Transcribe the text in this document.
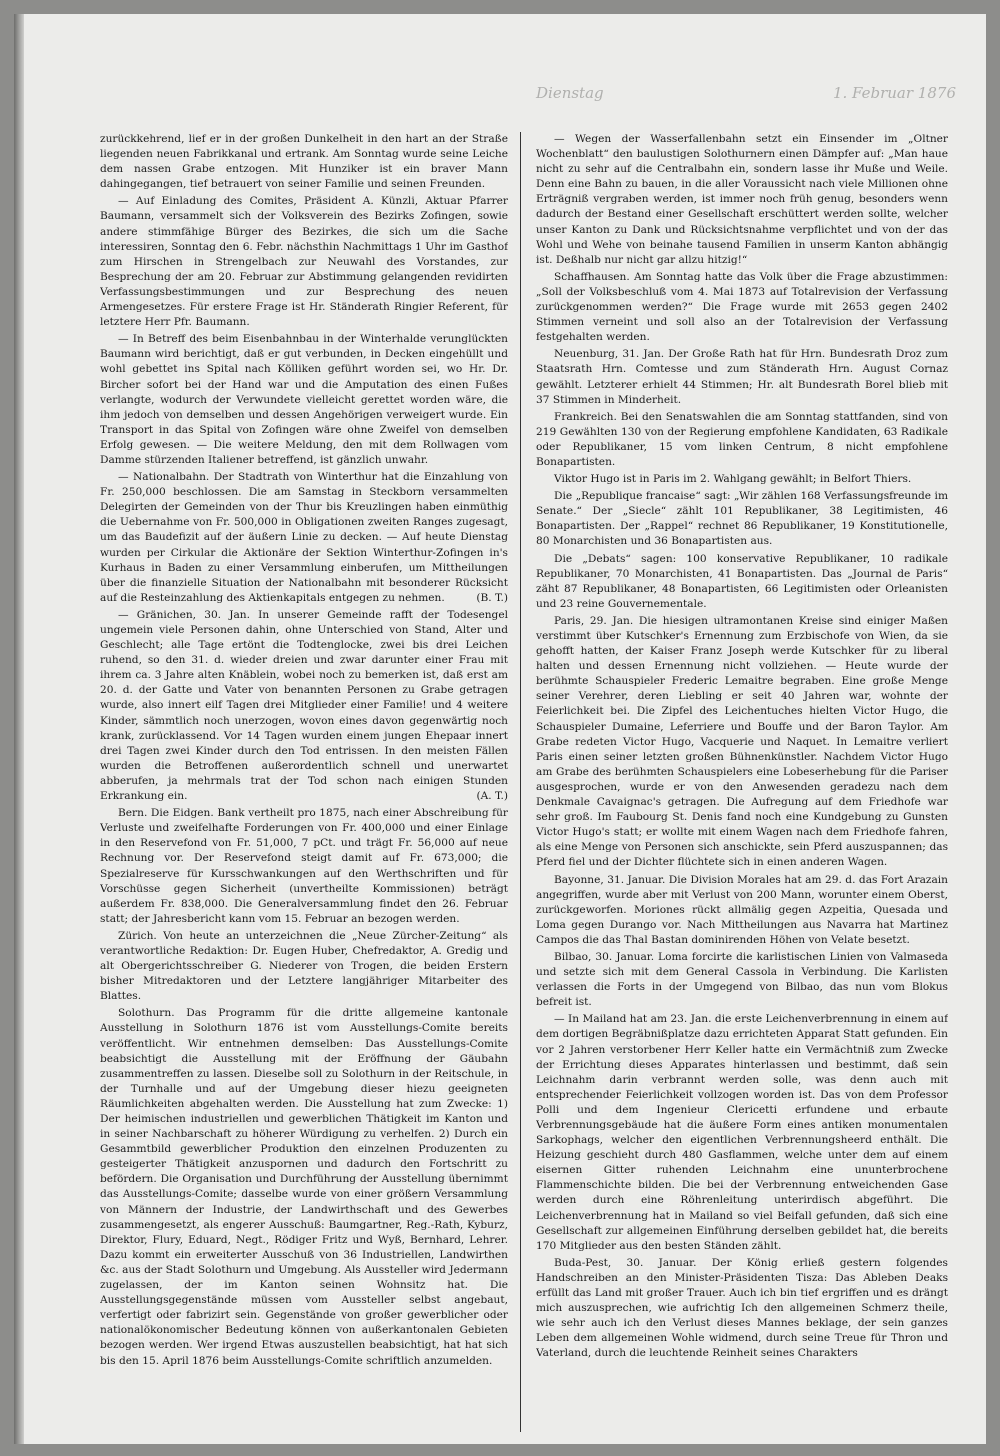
Dienstag	1. Februar 1876

zurückkehrend, lief er in der großen Dunkelheit in den hart an der Straße liegenden neuen Fabrikkanal und ertrank. Am Sonntag wurde seine Leiche dem nassen Grabe entzogen. Mit Hunziker ist ein braver Mann dahingegangen, tief betrauert von seiner Familie und seinen Freunden.

— Auf Einladung des Comites, Präsident A. Künzli, Aktuar Pfarrer Baumann, versammelt sich der Volksverein des Bezirks Zofingen, sowie andere stimmfähige Bürger des Bezirkes, die sich um die Sache interessiren, Sonntag den 6. Febr. nächsthin Nachmittags 1 Uhr im Gasthof zum Hirschen in Strengelbach zur Neuwahl des Vorstandes, zur Besprechung der am 20. Februar zur Abstimmung gelangenden revidirten Verfassungsbestimmungen und zur Besprechung des neuen Armengesetzes. Für erstere Frage ist Hr. Ständerath Ringier Referent, für letztere Herr Pfr. Baumann.

— In Betreff des beim Eisenbahnbau in der Winterhalde verunglückten Baumann wird berichtigt, daß er gut verbunden, in Decken eingehüllt und wohl gebettet ins Spital nach Kölliken geführt worden sei, wo Hr. Dr. Bircher sofort bei der Hand war und die Amputation des einen Fußes verlangte, wodurch der Verwundete vielleicht gerettet worden wäre, die ihm jedoch von demselben und dessen Angehörigen verweigert wurde. Ein Transport in das Spital von Zofingen wäre ohne Zweifel von demselben Erfolg gewesen. — Die weitere Meldung, den mit dem Rollwagen vom Damme stürzenden Italiener betreffend, ist gänzlich unwahr.

— Nationalbahn. Der Stadtrath von Winterthur hat die Einzahlung von Fr. 250,000 beschlossen. Die am Samstag in Steckborn versammelten Delegirten der Gemeinden von der Thur bis Kreuzlingen haben einmüthig die Uebernahme von Fr. 500,000 in Obligationen zweiten Ranges zugesagt, um das Baudefizit auf der äußern Linie zu decken. — Auf heute Dienstag wurden per Cirkular die Aktionäre der Sektion Winterthur-Zofingen in's Kurhaus in Baden zu einer Versammlung einberufen, um Mittheilungen über die finanzielle Situation der Nationalbahn mit besonderer Rücksicht auf die Resteinzahlung des Aktienkapitals entgegen zu nehmen.	(B. T.)

— Gränichen, 30. Jan. In unserer Gemeinde rafft der Todesengel ungemein viele Personen dahin, ohne Unterschied von Stand, Alter und Geschlecht; alle Tage ertönt die Todtenglocke, zwei bis drei Leichen ruhend, so den 31. d. wieder dreien und zwar darunter einer Frau mit ihrem ca. 3 Jahre alten Knäblein, wobei noch zu bemerken ist, daß erst am 20. d. der Gatte und Vater von benannten Personen zu Grabe getragen wurde, also innert eilf Tagen drei Mitglieder einer Familie! und 4 weitere Kinder, sämmtlich noch unerzogen, wovon eines davon gegenwärtig noch krank, zurücklassend. Vor 14 Tagen wurden einem jungen Ehepaar innert drei Tagen zwei Kinder durch den Tod entrissen. In den meisten Fällen wurden die Betroffenen außerordentlich schnell und unerwartet abberufen, ja mehrmals trat der Tod schon nach einigen Stunden Erkrankung ein.	(A. T.)

Bern. Die Eidgen. Bank vertheilt pro 1875, nach einer Abschreibung für Verluste und zweifelhafte Forderungen von Fr. 400,000 und einer Einlage in den Reservefond von Fr. 51,000, 7 pCt. und trägt Fr. 56,000 auf neue Rechnung vor. Der Reservefond steigt damit auf Fr. 673,000; die Spezialreserve für Kursschwankungen auf den Werthschriften und für Vorschüsse gegen Sicherheit (unvertheilte Kommissionen) beträgt außerdem Fr. 838,000. Die Generalversammlung findet den 26. Februar statt; der Jahresbericht kann vom 15. Februar an bezogen werden.

Zürich. Von heute an unterzeichnen die „Neue Zürcher-Zeitung“ als verantwortliche Redaktion: Dr. Eugen Huber, Chefredaktor, A. Gredig und alt Obergerichtsschreiber G. Niederer von Trogen, die beiden Erstern bisher Mitredaktoren und der Letztere langjähriger Mitarbeiter des Blattes.

Solothurn. Das Programm für die dritte allgemeine kantonale Ausstellung in Solothurn 1876 ist vom Ausstellungs-Comite bereits veröffentlicht. Wir entnehmen demselben: Das Ausstellungs-Comite beabsichtigt die Ausstellung mit der Eröffnung der Gäubahn zusammentreffen zu lassen. Dieselbe soll zu Solothurn in der Reitschule, in der Turnhalle und auf der Umgebung dieser hiezu geeigneten Räumlichkeiten abgehalten werden. Die Ausstellung hat zum Zwecke: 1) Der heimischen industriellen und gewerblichen Thätigkeit im Kanton und in seiner Nachbarschaft zu höherer Würdigung zu verhelfen. 2) Durch ein Gesammtbild gewerblicher Produktion den einzelnen Produzenten zu gesteigerter Thätigkeit anzuspornen und dadurch den Fortschritt zu befördern. Die Organisation und Durchführung der Ausstellung übernimmt das Ausstellungs-Comite; dasselbe wurde von einer größern Versammlung von Männern der Industrie, der Landwirthschaft und des Gewerbes zusammengesetzt, als engerer Ausschuß: Baumgartner, Reg.-Rath, Kyburz, Direktor, Flury, Eduard, Negt., Rödiger Fritz und Wyß, Bernhard, Lehrer. Dazu kommt ein erweiterter Ausschuß von 36 Industriellen, Landwirthen &c. aus der Stadt Solothurn und Umgebung. Als Aussteller wird Jedermann zugelassen, der im Kanton seinen Wohnsitz hat. Die Ausstellungsgegenstände müssen vom Aussteller selbst angebaut, verfertigt oder fabrizirt sein. Gegenstände von großer gewerblicher oder nationalökonomischer Bedeutung können von außerkantonalen Gebieten bezogen werden. Wer irgend Etwas auszustellen beabsichtigt, hat hat sich bis den 15. April 1876 beim Ausstellungs-Comite schriftlich anzumelden.

— Wegen der Wasserfallenbahn setzt ein Einsender im „Oltner Wochenblatt“ den baulustigen Solothurnern einen Dämpfer auf: „Man haue nicht zu sehr auf die Centralbahn ein, sondern lasse ihr Muße und Weile. Denn eine Bahn zu bauen, in die aller Voraussicht nach viele Millionen ohne Erträgniß vergraben werden, ist immer noch früh genug, besonders wenn dadurch der Bestand einer Gesellschaft erschüttert werden sollte, welcher unser Kanton zu Dank und Rücksichtsnahme verpflichtet und von der das Wohl und Wehe von beinahe tausend Familien in unserm Kanton abhängig ist. Deßhalb nur nicht gar allzu hitzig!“

Schaffhausen. Am Sonntag hatte das Volk über die Frage abzustimmen: „Soll der Volksbeschluß vom 4. Mai 1873 auf Totalrevision der Verfassung zurückgenommen werden?“ Die Frage wurde mit 2653 gegen 2402 Stimmen verneint und soll also an der Totalrevision der Verfassung festgehalten werden.

Neuenburg, 31. Jan. Der Große Rath hat für Hrn. Bundesrath Droz zum Staatsrath Hrn. Comtesse und zum Ständerath Hrn. August Cornaz gewählt. Letzterer erhielt 44 Stimmen; Hr. alt Bundesrath Borel blieb mit 37 Stimmen in Minderheit.

Frankreich. Bei den Senatswahlen die am Sonntag stattfanden, sind von 219 Gewählten 130 von der Regierung empfohlene Kandidaten, 63 Radikale oder Republikaner, 15 vom linken Centrum, 8 nicht empfohlene Bonapartisten.

Viktor Hugo ist in Paris im 2. Wahlgang gewählt; in Belfort Thiers.

Die „Republique francaise“ sagt: „Wir zählen 168 Verfassungsfreunde im Senate.“ Der „Siecle“ zählt 101 Republikaner, 38 Legitimisten, 46 Bonapartisten. Der „Rappel“ rechnet 86 Republikaner, 19 Konstitutionelle, 80 Monarchisten und 36 Bonapartisten aus.

Die „Debats“ sagen: 100 konservative Republikaner, 10 radikale Republikaner, 70 Monarchisten, 41 Bonapartisten. Das „Journal de Paris“ zäht 87 Republikaner, 48 Bonapartisten, 66 Legitimisten oder Orleanisten und 23 reine Gouvernementale.

Paris, 29. Jan. Die hiesigen ultramontanen Kreise sind einiger Maßen verstimmt über Kutschker's Ernennung zum Erzbischofe von Wien, da sie gehofft hatten, der Kaiser Franz Joseph werde Kutschker für zu liberal halten und dessen Ernennung nicht vollziehen. — Heute wurde der berühmte Schauspieler Frederic Lemaitre begraben. Eine große Menge seiner Verehrer, deren Liebling er seit 40 Jahren war, wohnte der Feierlichkeit bei. Die Zipfel des Leichentuches hielten Victor Hugo, die Schauspieler Dumaine, Leferriere und Bouffe und der Baron Taylor. Am Grabe redeten Victor Hugo, Vacquerie und Naquet. In Lemaitre verliert Paris einen seiner letzten großen Bühnenkünstler. Nachdem Victor Hugo am Grabe des berühmten Schauspielers eine Lobeserhebung für die Pariser ausgesprochen, wurde er von den Anwesenden geradezu nach dem Denkmale Cavaignac's getragen. Die Aufregung auf dem Friedhofe war sehr groß. Im Faubourg St. Denis fand noch eine Kundgebung zu Gunsten Victor Hugo's statt; er wollte mit einem Wagen nach dem Friedhofe fahren, als eine Menge von Personen sich anschickte, sein Pferd auszuspannen; das Pferd fiel und der Dichter flüchtete sich in einen anderen Wagen.

Bayonne, 31. Januar. Die Division Morales hat am 29. d. das Fort Arazain angegriffen, wurde aber mit Verlust von 200 Mann, worunter einem Oberst, zurückgeworfen. Moriones rückt allmälig gegen Azpeitia, Quesada und Loma gegen Durango vor. Nach Mittheilungen aus Navarra hat Martinez Campos die das Thal Bastan dominirenden Höhen von Velate besetzt.

Bilbao, 30. Januar. Loma forcirte die karlistischen Linien von Valmaseda und setzte sich mit dem General Cassola in Verbindung. Die Karlisten verlassen die Forts in der Umgegend von Bilbao, das nun vom Blokus befreit ist.

— In Mailand hat am 23. Jan. die erste Leichenverbrennung in einem auf dem dortigen Begräbnißplatze dazu errichteten Apparat Statt gefunden. Ein vor 2 Jahren verstorbener Herr Keller hatte ein Vermächtniß zum Zwecke der Errichtung dieses Apparates hinterlassen und bestimmt, daß sein Leichnahm darin verbrannt werden solle, was denn auch mit entsprechender Feierlichkeit vollzogen worden ist. Das von dem Professor Polli und dem Ingenieur Clericetti erfundene und erbaute Verbrennungsgebäude hat die äußere Form eines antiken monumentalen Sarkophags, welcher den eigentlichen Verbrennungsheerd enthält. Die Heizung geschieht durch 480 Gasflammen, welche unter dem auf einem eisernen Gitter ruhenden Leichnahm eine ununterbrochene Flammenschichte bilden. Die bei der Verbrennung entweichenden Gase werden durch eine Röhrenleitung unterirdisch abgeführt. Die Leichenverbrennung hat in Mailand so viel Beifall gefunden, daß sich eine Gesellschaft zur allgemeinen Einführung derselben gebildet hat, die bereits 170 Mitglieder aus den besten Ständen zählt.

Buda-Pest, 30. Januar. Der König erließ gestern folgendes Handschreiben an den Minister-Präsidenten Tisza: Das Ableben Deaks erfüllt das Land mit großer Trauer. Auch ich bin tief ergriffen und es drängt mich auszusprechen, wie aufrichtig Ich den allgemeinen Schmerz theile, wie sehr auch ich den Verlust dieses Mannes beklage, der sein ganzes Leben dem allgemeinen Wohle widmend, durch seine Treue für Thron und Vaterland, durch die leuchtende Reinheit seines Charakters
